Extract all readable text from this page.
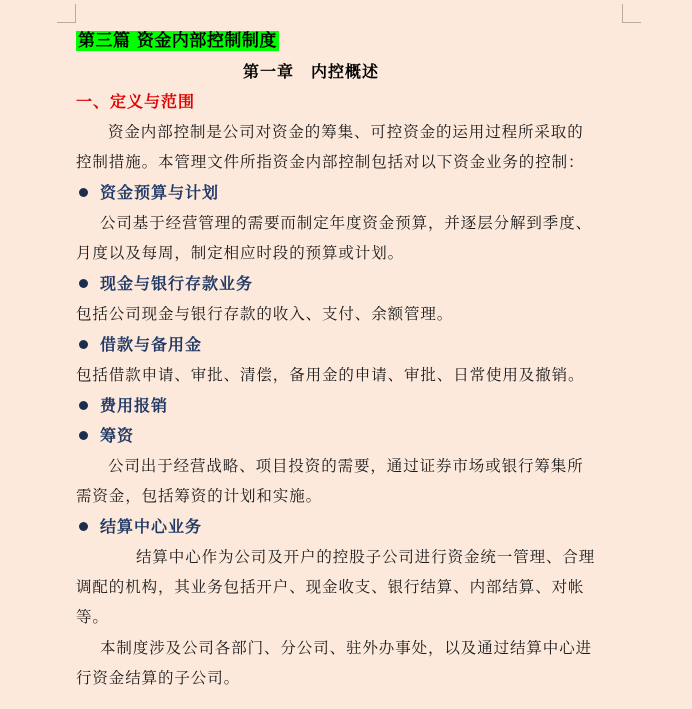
第三篇 资金内部控制制度
第一章　内控概述
一、定义与范围
资金内部控制是公司对资金的筹集、可控资金的运用过程所采取的
控制措施。本管理文件所指资金内部控制包括对以下资金业务的控制：
资金预算与计划
公司基于经营管理的需要而制定年度资金预算，并逐层分解到季度、
月度以及每周，制定相应时段的预算或计划。
现金与银行存款业务
包括公司现金与银行存款的收入、支付、余额管理。
借款与备用金
包括借款申请、审批、清偿，备用金的申请、审批、日常使用及撤销。
费用报销
筹资
公司出于经营战略、项目投资的需要，通过证券市场或银行筹集所
需资金，包括筹资的计划和实施。
结算中心业务
结算中心作为公司及开户的控股子公司进行资金统一管理、合理
调配的机构，其业务包括开户、现金收支、银行结算、内部结算、对帐
等。
本制度涉及公司各部门、分公司、驻外办事处，以及通过结算中心进
行资金结算的子公司。
